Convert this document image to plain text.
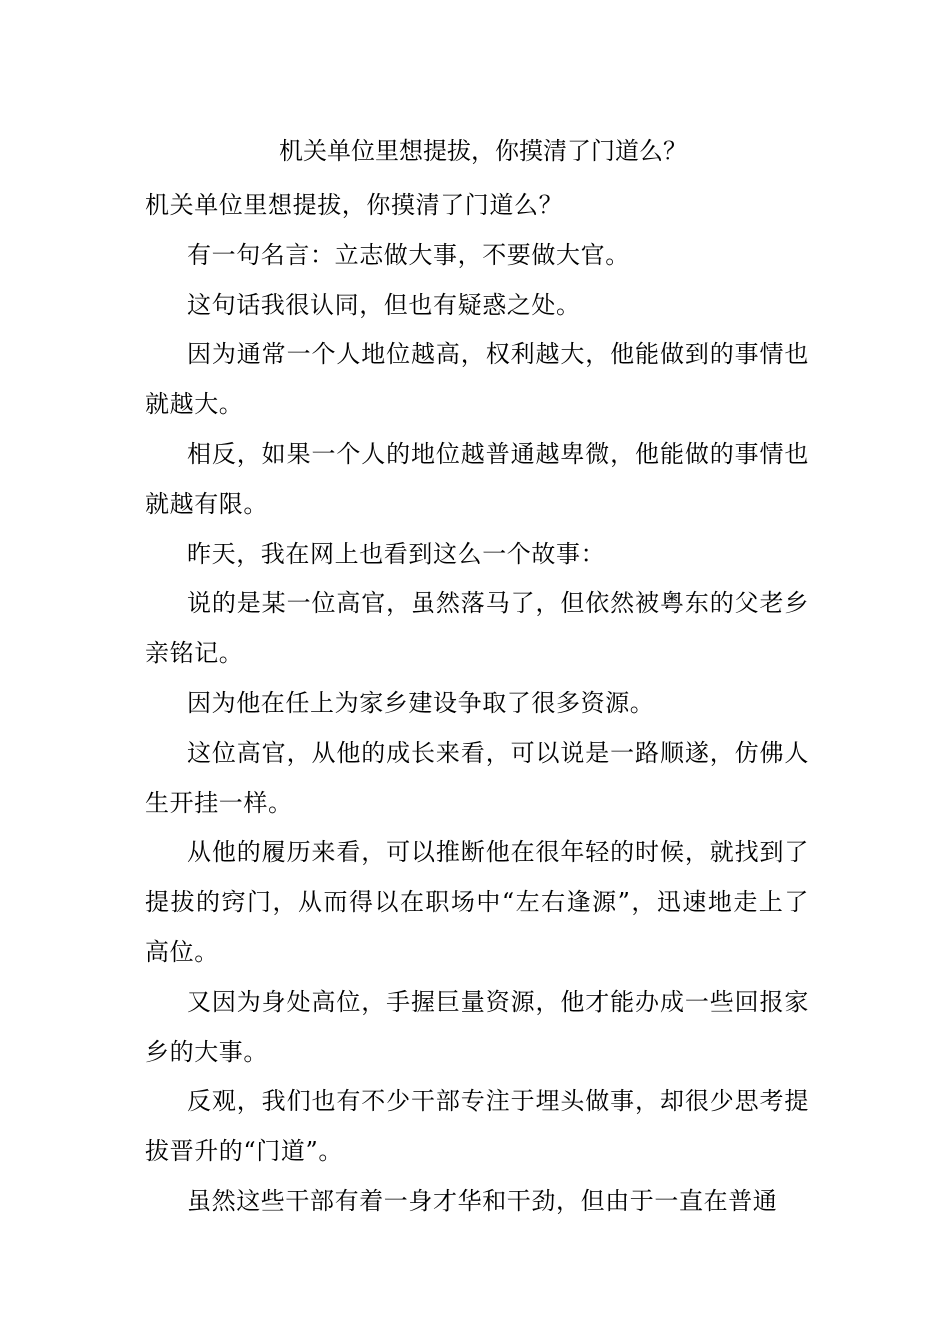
机关单位里想提拔，你摸清了门道么？

机关单位里想提拔，你摸清了门道么？

有一句名言：立志做大事，不要做大官。

这句话我很认同，但也有疑惑之处。

因为通常一个人地位越高，权利越大，他能做到的事情也就越大。

相反，如果一个人的地位越普通越卑微，他能做的事情也就越有限。

昨天，我在网上也看到这么一个故事：

说的是某一位高官，虽然落马了，但依然被粤东的父老乡亲铭记。

因为他在任上为家乡建设争取了很多资源。

这位高官，从他的成长来看，可以说是一路顺遂，仿佛人生开挂一样。

从他的履历来看，可以推断他在很年轻的时候，就找到了提拔的窍门，从而得以在职场中“左右逢源”，迅速地走上了高位。

又因为身处高位，手握巨量资源，他才能办成一些回报家乡的大事。

反观，我们也有不少干部专注于埋头做事，却很少思考提拔晋升的“门道”。

虽然这些干部有着一身才华和干劲，但由于一直在普通
